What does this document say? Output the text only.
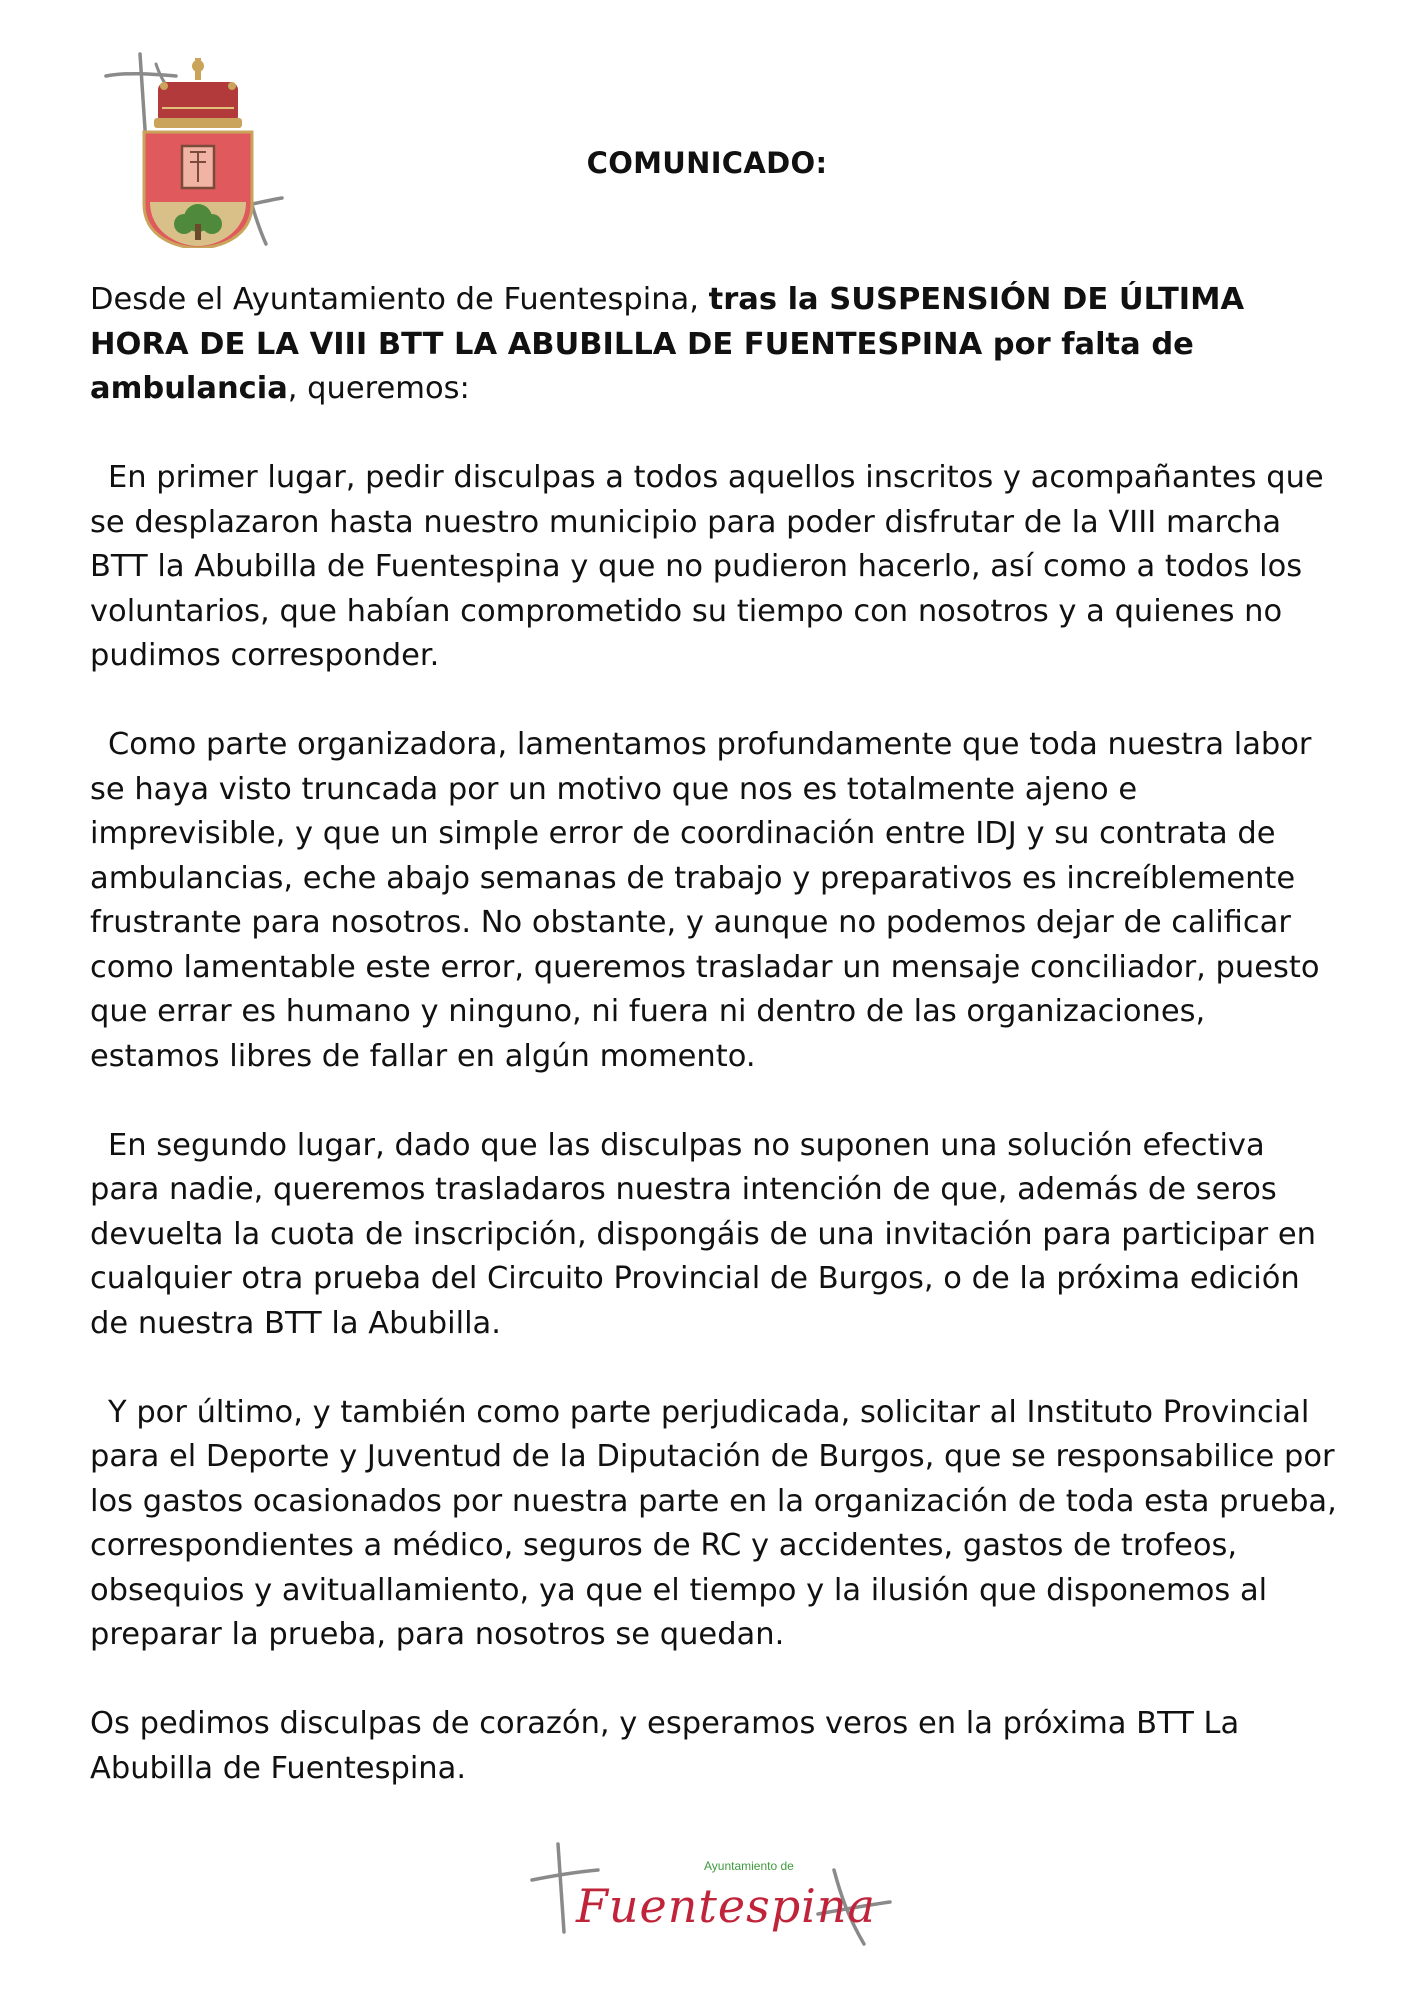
COMUNICADO:

Desde el Ayuntamiento de Fuentespina, tras la SUSPENSIÓN DE ÚLTIMA HORA DE LA VIII BTT LA ABUBILLA DE FUENTESPINA por falta de ambulancia, queremos:

En primer lugar, pedir disculpas a todos aquellos inscritos y acompañantes que se desplazaron hasta nuestro municipio para poder disfrutar de la VIII marcha BTT la Abubilla de Fuentespina y que no pudieron hacerlo, así como a todos los voluntarios, que habían comprometido su tiempo con nosotros y a quienes no pudimos corresponder.

Como parte organizadora, lamentamos profundamente que toda nuestra labor se haya visto truncada por un motivo que nos es totalmente ajeno e imprevisible, y que un simple error de coordinación entre IDJ y su contrata de ambulancias, eche abajo semanas de trabajo y preparativos es increíblemente frustrante para nosotros. No obstante, y aunque no podemos dejar de calificar como lamentable este error, queremos trasladar un mensaje conciliador, puesto que errar es humano y ninguno, ni fuera ni dentro de las organizaciones, estamos libres de fallar en algún momento.

En segundo lugar, dado que las disculpas no suponen una solución efectiva para nadie, queremos trasladaros nuestra intención de que, además de seros devuelta la cuota de inscripción, dispongáis de una invitación para participar en cualquier otra prueba del Circuito Provincial de Burgos, o de la próxima edición de nuestra BTT la Abubilla.

Y por último, y también como parte perjudicada, solicitar al Instituto Provincial para el Deporte y Juventud de la Diputación de Burgos, que se responsabilice por los gastos ocasionados por nuestra parte en la organización de toda esta prueba, correspondientes a médico, seguros de RC y accidentes, gastos de trofeos, obsequios y avituallamiento, ya que el tiempo y la ilusión que disponemos al preparar la prueba, para nosotros se quedan.

Os pedimos disculpas de corazón, y esperamos veros en la próxima BTT La Abubilla de Fuentespina.

Ayuntamiento de
Fuentespina
